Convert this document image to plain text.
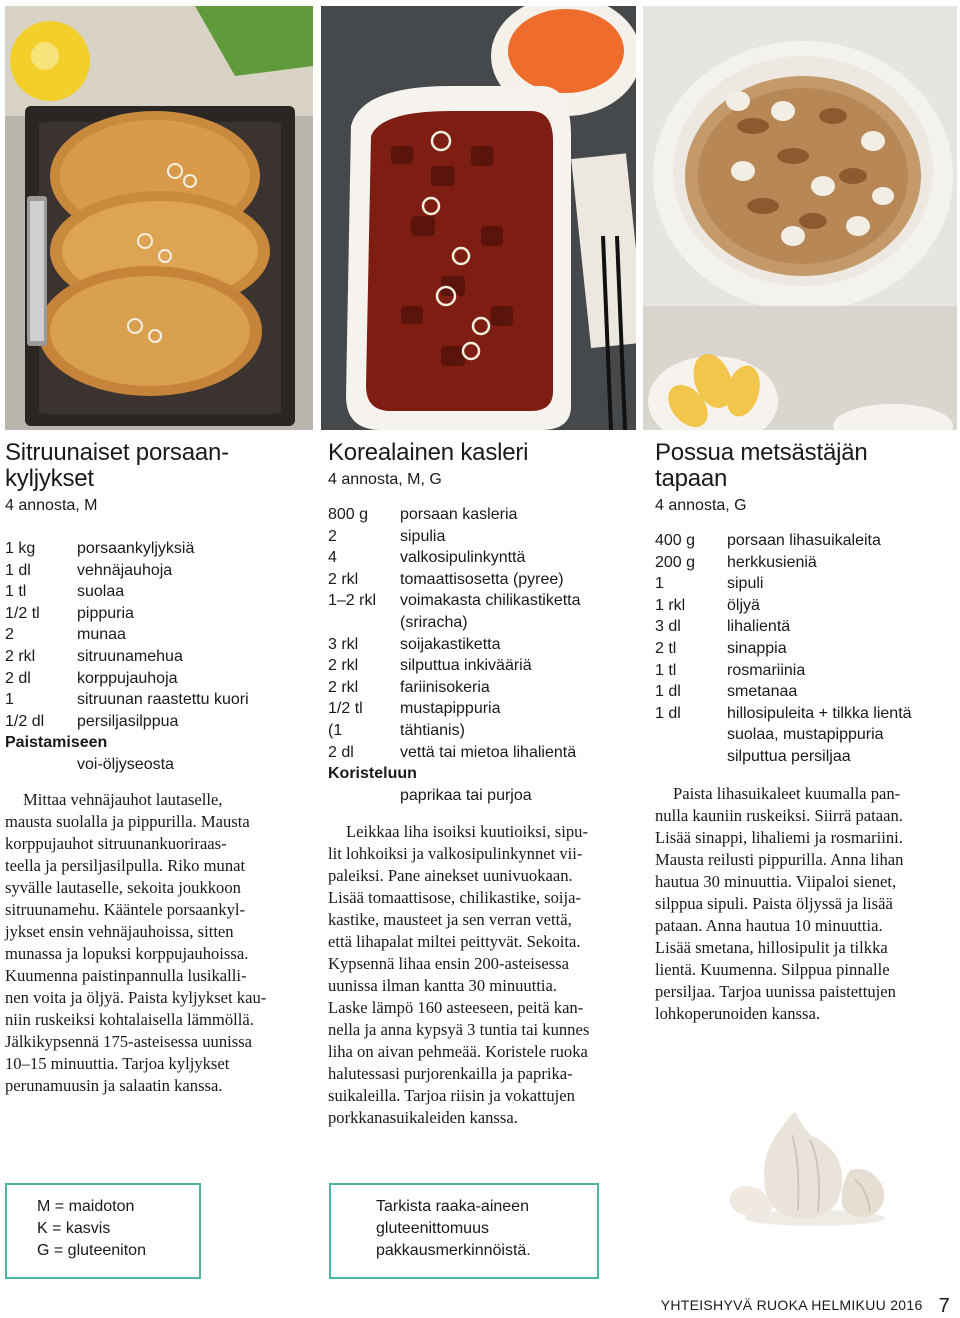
Sitruunaiset porsaan-
kyljykset

4 annosta, M

1 kg	porsaankyljyksiä
1 dl	vehnäjauhoja
1 tl	suolaa
1/2 tl	pippuria
2	munaa
2 rkl	sitruunamehua
2 dl	korppujauhoja
1	sitruunan raastettu kuori
1/2 dl	persiljasilppua
Paistamiseen
voi-öljyseosta

Mittaa vehnäjauhot lautaselle,
mausta suolalla ja pippurilla. Mausta
korppujauhot sitruunankuoriraas-
teella ja persiljasilpulla. Riko munat
syvälle lautaselle, sekoita joukkoon
sitruunamehu. Kääntele porsaankyl-
jykset ensin vehnäjauhoissa, sitten
munassa ja lopuksi korppujauhoissa.
Kuumenna paistinpannulla lusikalli-
nen voita ja öljyä. Paista kyljykset kau-
niin ruskeiksi kohtalaisella lämmöllä.
Jälkikypsennä 175-asteisessa uunissa
10–15 minuuttia. Tarjoa kyljykset
perunamuusin ja salaatin kanssa.

Korealainen kasleri

4 annosta, M, G

800 g	porsaan kasleria
2	sipulia
4	valkosipulinkynttä
2 rkl	tomaattisosetta (pyree)
1–2 rkl	voimakasta chilikastiketta
(sriracha)
3 rkl	soijakastiketta
2 rkl	silputtua inkivääriä
2 rkl	fariinisokeria
1/2 tl	mustapippuria
(1	tähtianis)
2 dl	vettä tai mietoa lihalientä
Koristeluun
paprikaa tai purjoa

Leikkaa liha isoiksi kuutioiksi, sipu-
lit lohkoiksi ja valkosipulinkynnet vii-
paleiksi. Pane ainekset uunivuokaan.
Lisää tomaattisose, chilikastike, soija-
kastike, mausteet ja sen verran vettä,
että lihapalat miltei peittyvät. Sekoita.
Kypsennä lihaa ensin 200-asteisessa
uunissa ilman kantta 30 minuuttia.
Laske lämpö 160 asteeseen, peitä kan-
nella ja anna kypsyä 3 tuntia tai kunnes
liha on aivan pehmeää. Koristele ruoka
halutessasi purjorenkailla ja paprika-
suikaleilla. Tarjoa riisin ja vokattujen
porkkanasuikaleiden kanssa.

Possua metsästäjän
tapaan

4 annosta, G

400 g	porsaan lihasuikaleita
200 g	herkkusieniä
1	sipuli
1 rkl	öljyä
3 dl	lihalientä
2 tl	sinappia
1 tl	rosmariinia
1 dl	smetanaa
1 dl	hillosipuleita + tilkka lientä
suolaa, mustapippuria
silputtua persiljaa

Paista lihasuikaleet kuumalla pan-
nulla kauniin ruskeiksi. Siirrä pataan.
Lisää sinappi, lihaliemi ja rosmariini.
Mausta reilusti pippurilla. Anna lihan
hautua 30 minuuttia. Viipaloi sienet,
silppua sipuli. Paista öljyssä ja lisää
pataan. Anna hautua 10 minuuttia.
Lisää smetana, hillosipulit ja tilkka
lientä. Kuumenna. Silppua pinnalle
persiljaa. Tarjoa uunissa paistettujen
lohkoperunoiden kanssa.

M = maidoton
K = kasvis
G = gluteeniton
Tarkista raaka-aineen
gluteenittomuus
pakkausmerkinnöistä.
YHTEISHYVÄ RUOKA HELMIKUU 2016 7
